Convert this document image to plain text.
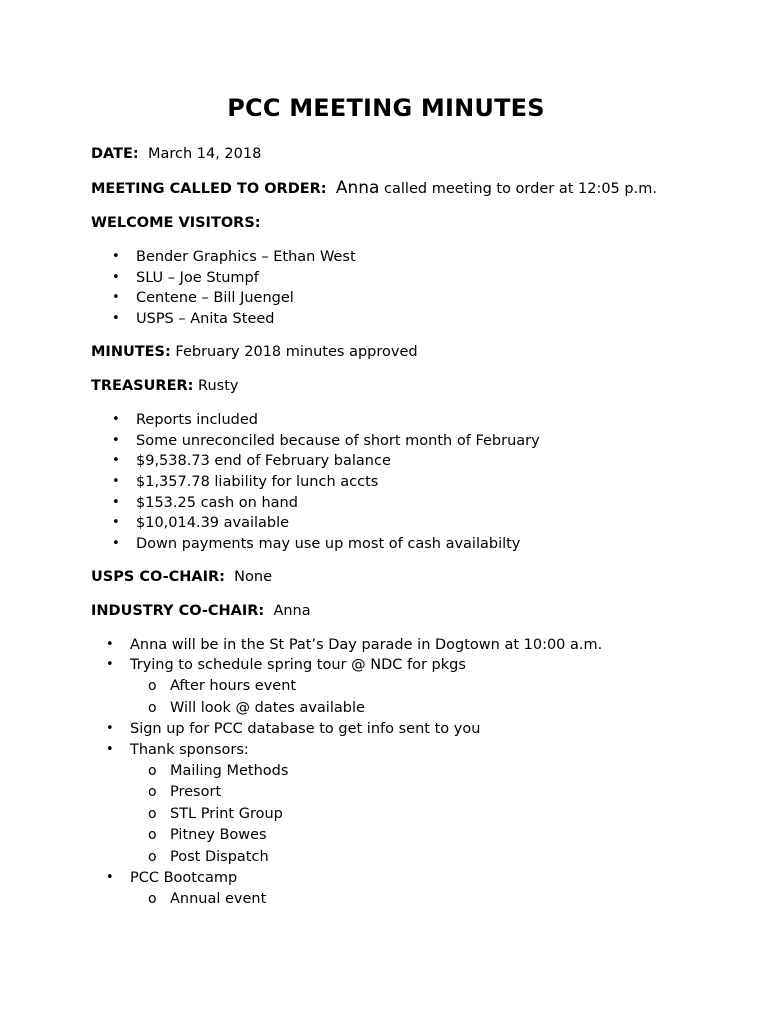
PCC MEETING MINUTES

DATE: March 14, 2018

MEETING CALLED TO ORDER: Anna called meeting to order at 12:05 p.m.

WELCOME VISITORS:

• Bender Graphics – Ethan West
• SLU – Joe Stumpf
• Centene – Bill Juengel
• USPS – Anita Steed

MINUTES: February 2018 minutes approved

TREASURER: Rusty

• Reports included
• Some unreconciled because of short month of February
• $9,538.73 end of February balance
• $1,357.78 liability for lunch accts
• $153.25 cash on hand
• $10,014.39 available
• Down payments may use up most of cash availabilty

USPS CO-CHAIR: None

INDUSTRY CO-CHAIR: Anna

• Anna will be in the St Pat’s Day parade in Dogtown at 10:00 a.m.
• Trying to schedule spring tour @ NDC for pkgs
o After hours event
o Will look @ dates available
• Sign up for PCC database to get info sent to you
• Thank sponsors:
o Mailing Methods
o Presort
o STL Print Group
o Pitney Bowes
o Post Dispatch
• PCC Bootcamp
o Annual event
